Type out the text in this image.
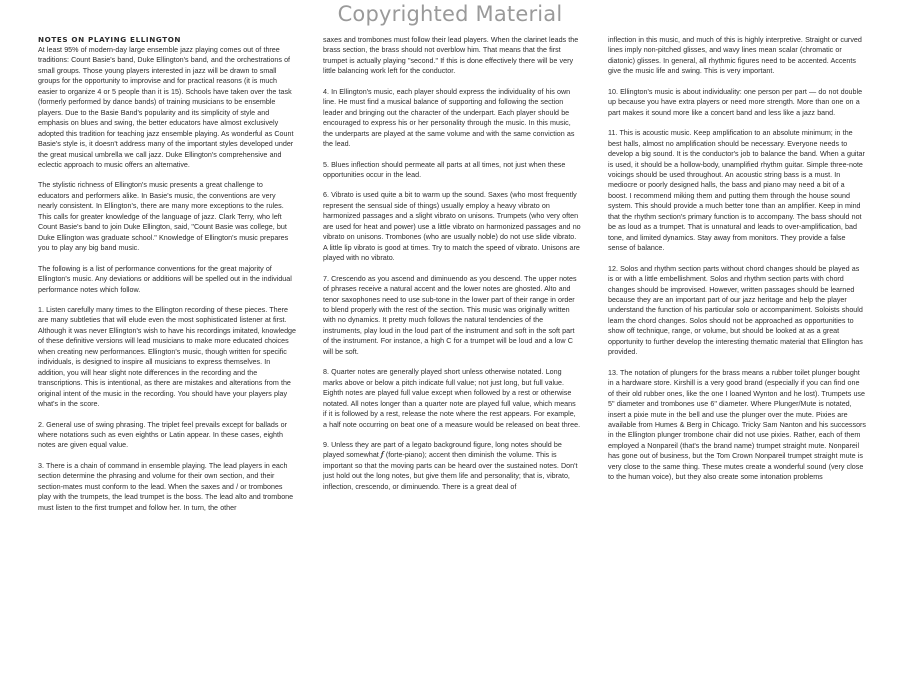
Copyrighted Material
NOTES ON PLAYING ELLINGTON

At least 95% of modern-day large ensemble jazz playing comes out of three traditions: Count Basie's band, Duke Ellington's band, and the orchestrations of small groups. Those young players interested in jazz will be drawn to small groups for the opportunity to improvise and for practical reasons (it is much easier to organize 4 or 5 people than it is 15). Schools have taken over the task (formerly performed by dance bands) of training musicians to be ensemble players. Due to the Basie Band's popularity and its simplicity of style and emphasis on blues and swing, the better educators have almost exclusively adopted this tradition for teaching jazz ensemble playing. As wonderful as Count Basie's style is, it doesn't address many of the important styles developed under the great musical umbrella we call jazz. Duke Ellington's comprehensive and eclectic approach to music offers an alternative.

The stylistic richness of Ellington's music presents a great challenge to educators and performers alike. In Basie's music, the conventions are very nearly consistent. In Ellington's, there are many more exceptions to the rules. This calls for greater knowledge of the language of jazz. Clark Terry, who left Count Basie's band to join Duke Ellington, said, "Count Basie was college, but Duke Ellington was graduate school." Knowledge of Ellington's music prepares you to play any big band music.

The following is a list of performance conventions for the great majority of Ellington's music. Any deviations or additions will be spelled out in the individual performance notes which follow.

1. Listen carefully many times to the Ellington recording of these pieces. There are many subtleties that will elude even the most sophisticated listener at first. Although it was never Ellington's wish to have his recordings imitated, knowledge of these definitive versions will lead musicians to make more educated choices when creating new performances. Ellington's music, though written for specific individuals, is designed to inspire all musicians to express themselves. In addition, you will hear slight note differences in the recording and the transcriptions. This is intentional, as there are mistakes and alterations from the original intent of the music in the recording. You should have your players play what's in the score.

2. General use of swing phrasing. The triplet feel prevails except for ballads or where notations such as even eighths or Latin appear. In these cases, eighth notes are given equal value.

3. There is a chain of command in ensemble playing. The lead players in each section determine the phrasing and volume for their own section, and their section-mates must conform to the lead. When the saxes and / or trombones play with the trumpets, the lead trumpet is the boss. The lead alto and trombone must listen to the first trumpet and follow her. In turn, the other

saxes and trombones must follow their lead players. When the clarinet leads the brass section, the brass should not overblow him. That means that the first trumpet is actually playing "second." If this is done effectively there will be very little balancing work left for the conductor.

4. In Ellington's music, each player should express the individuality of his own line. He must find a musical balance of supporting and following the section leader and bringing out the character of the underpart. Each player should be encouraged to express his or her personality through the music. In this music, the underparts are played at the same volume and with the same conviction as the lead.

5. Blues inflection should permeate all parts at all times, not just when these opportunities occur in the lead.

6. Vibrato is used quite a bit to warm up the sound. Saxes (who most frequently represent the sensual side of things) usually employ a heavy vibrato on harmonized passages and a slight vibrato on unisons. Trumpets (who very often are used for heat and power) use a little vibrato on harmonized passages and no vibrato on unisons. Trombones (who are usually noble) do not use slide vibrato. A little lip vibrato is good at times. Try to match the speed of vibrato. Unisons are played with no vibrato.

7. Crescendo as you ascend and diminuendo as you descend. The upper notes of phrases receive a natural accent and the lower notes are ghosted. Alto and tenor saxophones need to use sub-tone in the lower part of their range in order to blend properly with the rest of the section. This music was originally written with no dynamics. It pretty much follows the natural tendencies of the instruments, play loud in the loud part of the instrument and soft in the soft part of the instrument. For instance, a high C for a trumpet will be loud and a low C will be soft.

8. Quarter notes are generally played short unless otherwise notated. Long marks above or below a pitch indicate full value; not just long, but full value. Eighth notes are played full value except when followed by a rest or otherwise notated. All notes longer than a quarter note are played full value, which means if it is followed by a rest, release the note where the rest appears. For example, a half note occurring on beat one of a measure would be released on beat three.

9. Unless they are part of a legato background figure, long notes should be played somewhat 𝆑 (forte-piano); accent then diminish the volume. This is important so that the moving parts can be heard over the sustained notes. Don't just hold out the long notes, but give them life and personality; that is, vibrato, inflection, crescendo, or diminuendo. There is a great deal of

inflection in this music, and much of this is highly interpretive. Straight or curved lines imply non-pitched glisses, and wavy lines mean scalar (chromatic or diatonic) glisses. In general, all rhythmic figures need to be accented. Accents give the music life and swing. This is very important.

10. Ellington's music is about individuality: one person per part — do not double up because you have extra players or need more strength. More than one on a part makes it sound more like a concert band and less like a jazz band.

11. This is acoustic music. Keep amplification to an absolute minimum; in the best halls, almost no amplification should be necessary. Everyone needs to develop a big sound. It is the conductor's job to balance the band. When a guitar is used, it should be a hollow-body, unamplified rhythm guitar. Simple three-note voicings should be used throughout. An acoustic string bass is a must. In mediocre or poorly designed halls, the bass and piano may need a bit of a boost. I recommend miking them and putting them through the house sound system. This should provide a much better tone than an amplifier. Keep in mind that the rhythm section's primary function is to accompany. The bass should not be as loud as a trumpet. That is unnatural and leads to over-amplification, bad tone, and limited dynamics. Stay away from monitors. They provide a false sense of balance.

12. Solos and rhythm section parts without chord changes should be played as is or with a little embellishment. Solos and rhythm section parts with chord changes should be improvised. However, written passages should be learned because they are an important part of our jazz heritage and help the player understand the function of his particular solo or accompaniment. Soloists should learn the chord changes. Solos should not be approached as opportunities to show off technique, range, or volume, but should be looked at as a great opportunity to further develop the interesting thematic material that Ellington has provided.

13. The notation of plungers for the brass means a rubber toilet plunger bought in a hardware store. Kirshill is a very good brand (especially if you can find one of their old rubber ones, like the one I loaned Wynton and he lost). Trumpets use 5" diameter and trombones use 6" diameter. Where Plunger/Mute is notated, insert a pixie mute in the bell and use the plunger over the mute. Pixies are available from Humes & Berg in Chicago. Tricky Sam Nanton and his successors in the Ellington plunger trombone chair did not use pixies. Rather, each of them employed a Nonpareil (that's the brand name) trumpet straight mute. Nonpareil has gone out of business, but the Tom Crown Nonpareil trumpet straight mute is very close to the same thing. These mutes create a wonderful sound (very close to the human voice), but they also create some intonation problems
